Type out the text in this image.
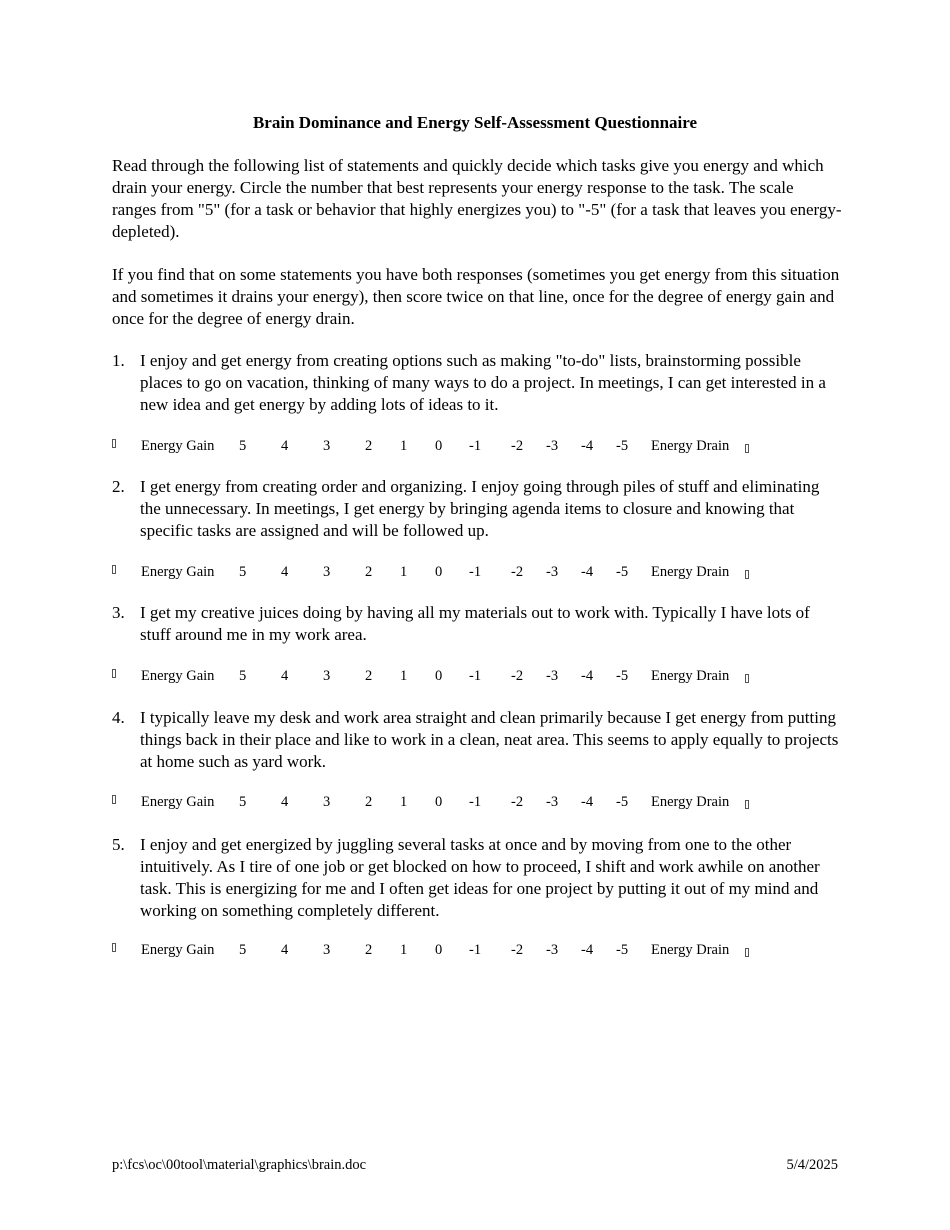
Brain Dominance and Energy Self-Assessment Questionnaire

Read through the following list of statements and quickly decide which tasks give you energy and which drain your energy. Circle the number that best represents your energy response to the task. The scale ranges from "5" (for a task or behavior that highly energizes you) to "-5" (for a task that leaves you energy-depleted).

If you find that on some statements you have both responses (sometimes you get energy from this situation and sometimes it drains your energy), then score twice on that line, once for the degree of energy gain and once for the degree of energy drain.

1. I enjoy and get energy from creating options such as making "to-do" lists, brainstorming possible places to go on vacation, thinking of many ways to do a project. In meetings, I can get interested in a new idea and get energy by adding lots of ideas to it.
Energy Gain 5 4 3 2 1 0 -1 -2 -3 -4 -5 Energy Drain
2. I get energy from creating order and organizing. I enjoy going through piles of stuff and eliminating the unnecessary. In meetings, I get energy by bringing agenda items to closure and knowing that specific tasks are assigned and will be followed up.
Energy Gain 5 4 3 2 1 0 -1 -2 -3 -4 -5 Energy Drain
3. I get my creative juices doing by having all my materials out to work with. Typically I have lots of stuff around me in my work area.
Energy Gain 5 4 3 2 1 0 -1 -2 -3 -4 -5 Energy Drain
4. I typically leave my desk and work area straight and clean primarily because I get energy from putting things back in their place and like to work in a clean, neat area. This seems to apply equally to projects at home such as yard work.
Energy Gain 5 4 3 2 1 0 -1 -2 -3 -4 -5 Energy Drain
5. I enjoy and get energized by juggling several tasks at once and by moving from one to the other intuitively. As I tire of one job or get blocked on how to proceed, I shift and work awhile on another task. This is energizing for me and I often get ideas for one project by putting it out of my mind and working on something completely different.
Energy Gain 5 4 3 2 1 0 -1 -2 -3 -4 -5 Energy Drain
p:\fcs\oc\00tool\material\graphics\brain.doc	5/4/2025
